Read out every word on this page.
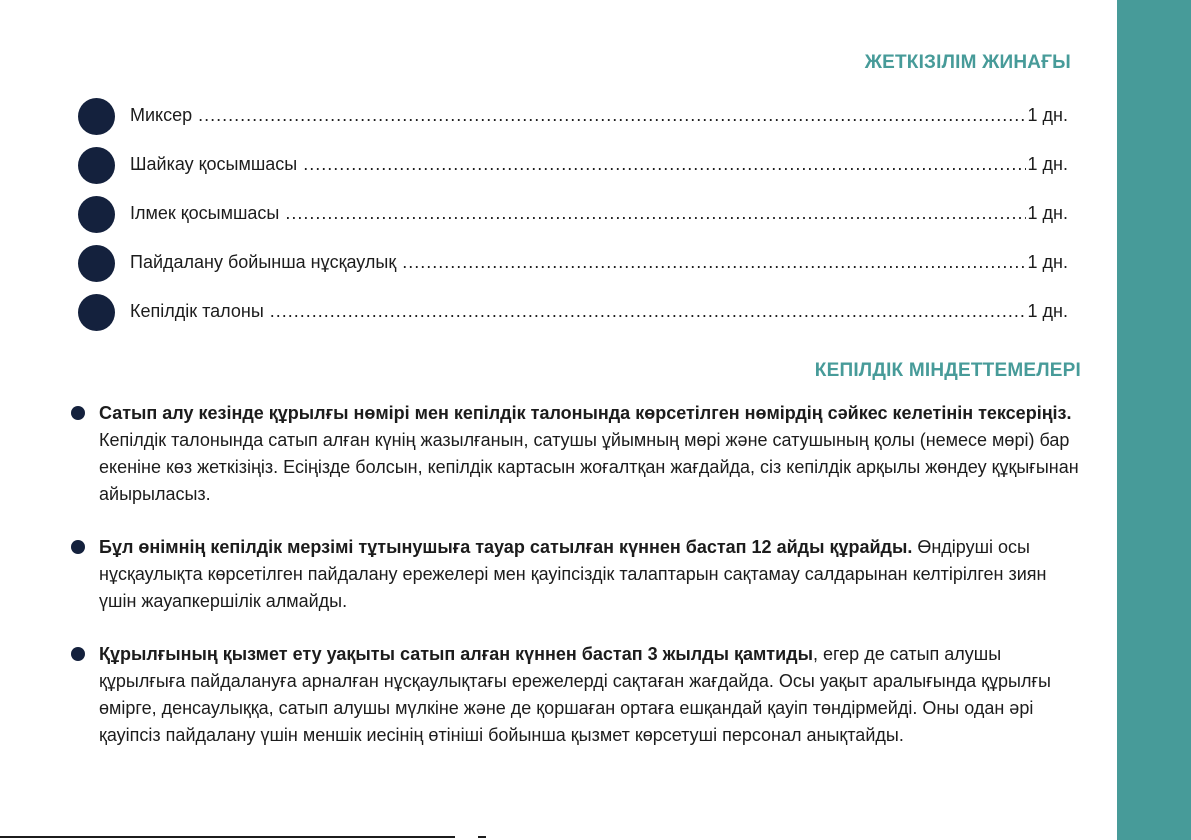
ЖЕТКІЗІЛІМ ЖИНАҒЫ
Миксер .....	1 дн.
Шайкау қосымшасы .....	1 дн.
Ілмек қосымшасы .....	1 дн.
Пайдалану бойынша нұсқаулық .....	1 дн.
Кепілдік талоны .....	1 дн.
КЕПІЛДІК МІНДЕТТЕМЕЛЕРІ
Сатып алу кезінде құрылғы нөмірі мен кепілдік талонында көрсетілген нөмірдің сәйкес келетінін тексеріңіз. Кепілдік талонында сатып алған күнің жазылғанын, сатушы ұйымның мөрі және сатушының қолы (немесе мөрі) бар екеніне көз жеткізіңіз. Есіңізде болсын, кепілдік картасын жоғалтқан жағдайда, сіз кепілдік арқылы жөндеу құқығынан айырыласыз.
Бұл өнімнің кепілдік мерзімі тұтынушыға тауар сатылған күннен бастап 12 айды құрайды. Өндіруші осы нұсқаулықта көрсетілген пайдалану ережелері мен қауіпсіздік талаптарын сақтамау салдарынан келтірілген зиян үшін жауапкершілік алмайды.
Құрылғының қызмет ету уақыты сатып алған күннен бастап 3 жылды қамтиды, егер де сатып алушы құрылғыға пайдалануға арналған нұсқаулықтағы ережелерді сақтаған жағдайда. Осы уақыт аралығында құрылғы өмірге, денсаулыққа, сатып алушы мүлкіне және де қоршаған ортаға ешқандай қауіп төндірмейді. Оны одан әрі қауіпсіз пайдалану үшін меншік иесінің өтініші бойынша қызмет көрсетуші персонал анықтайды.
